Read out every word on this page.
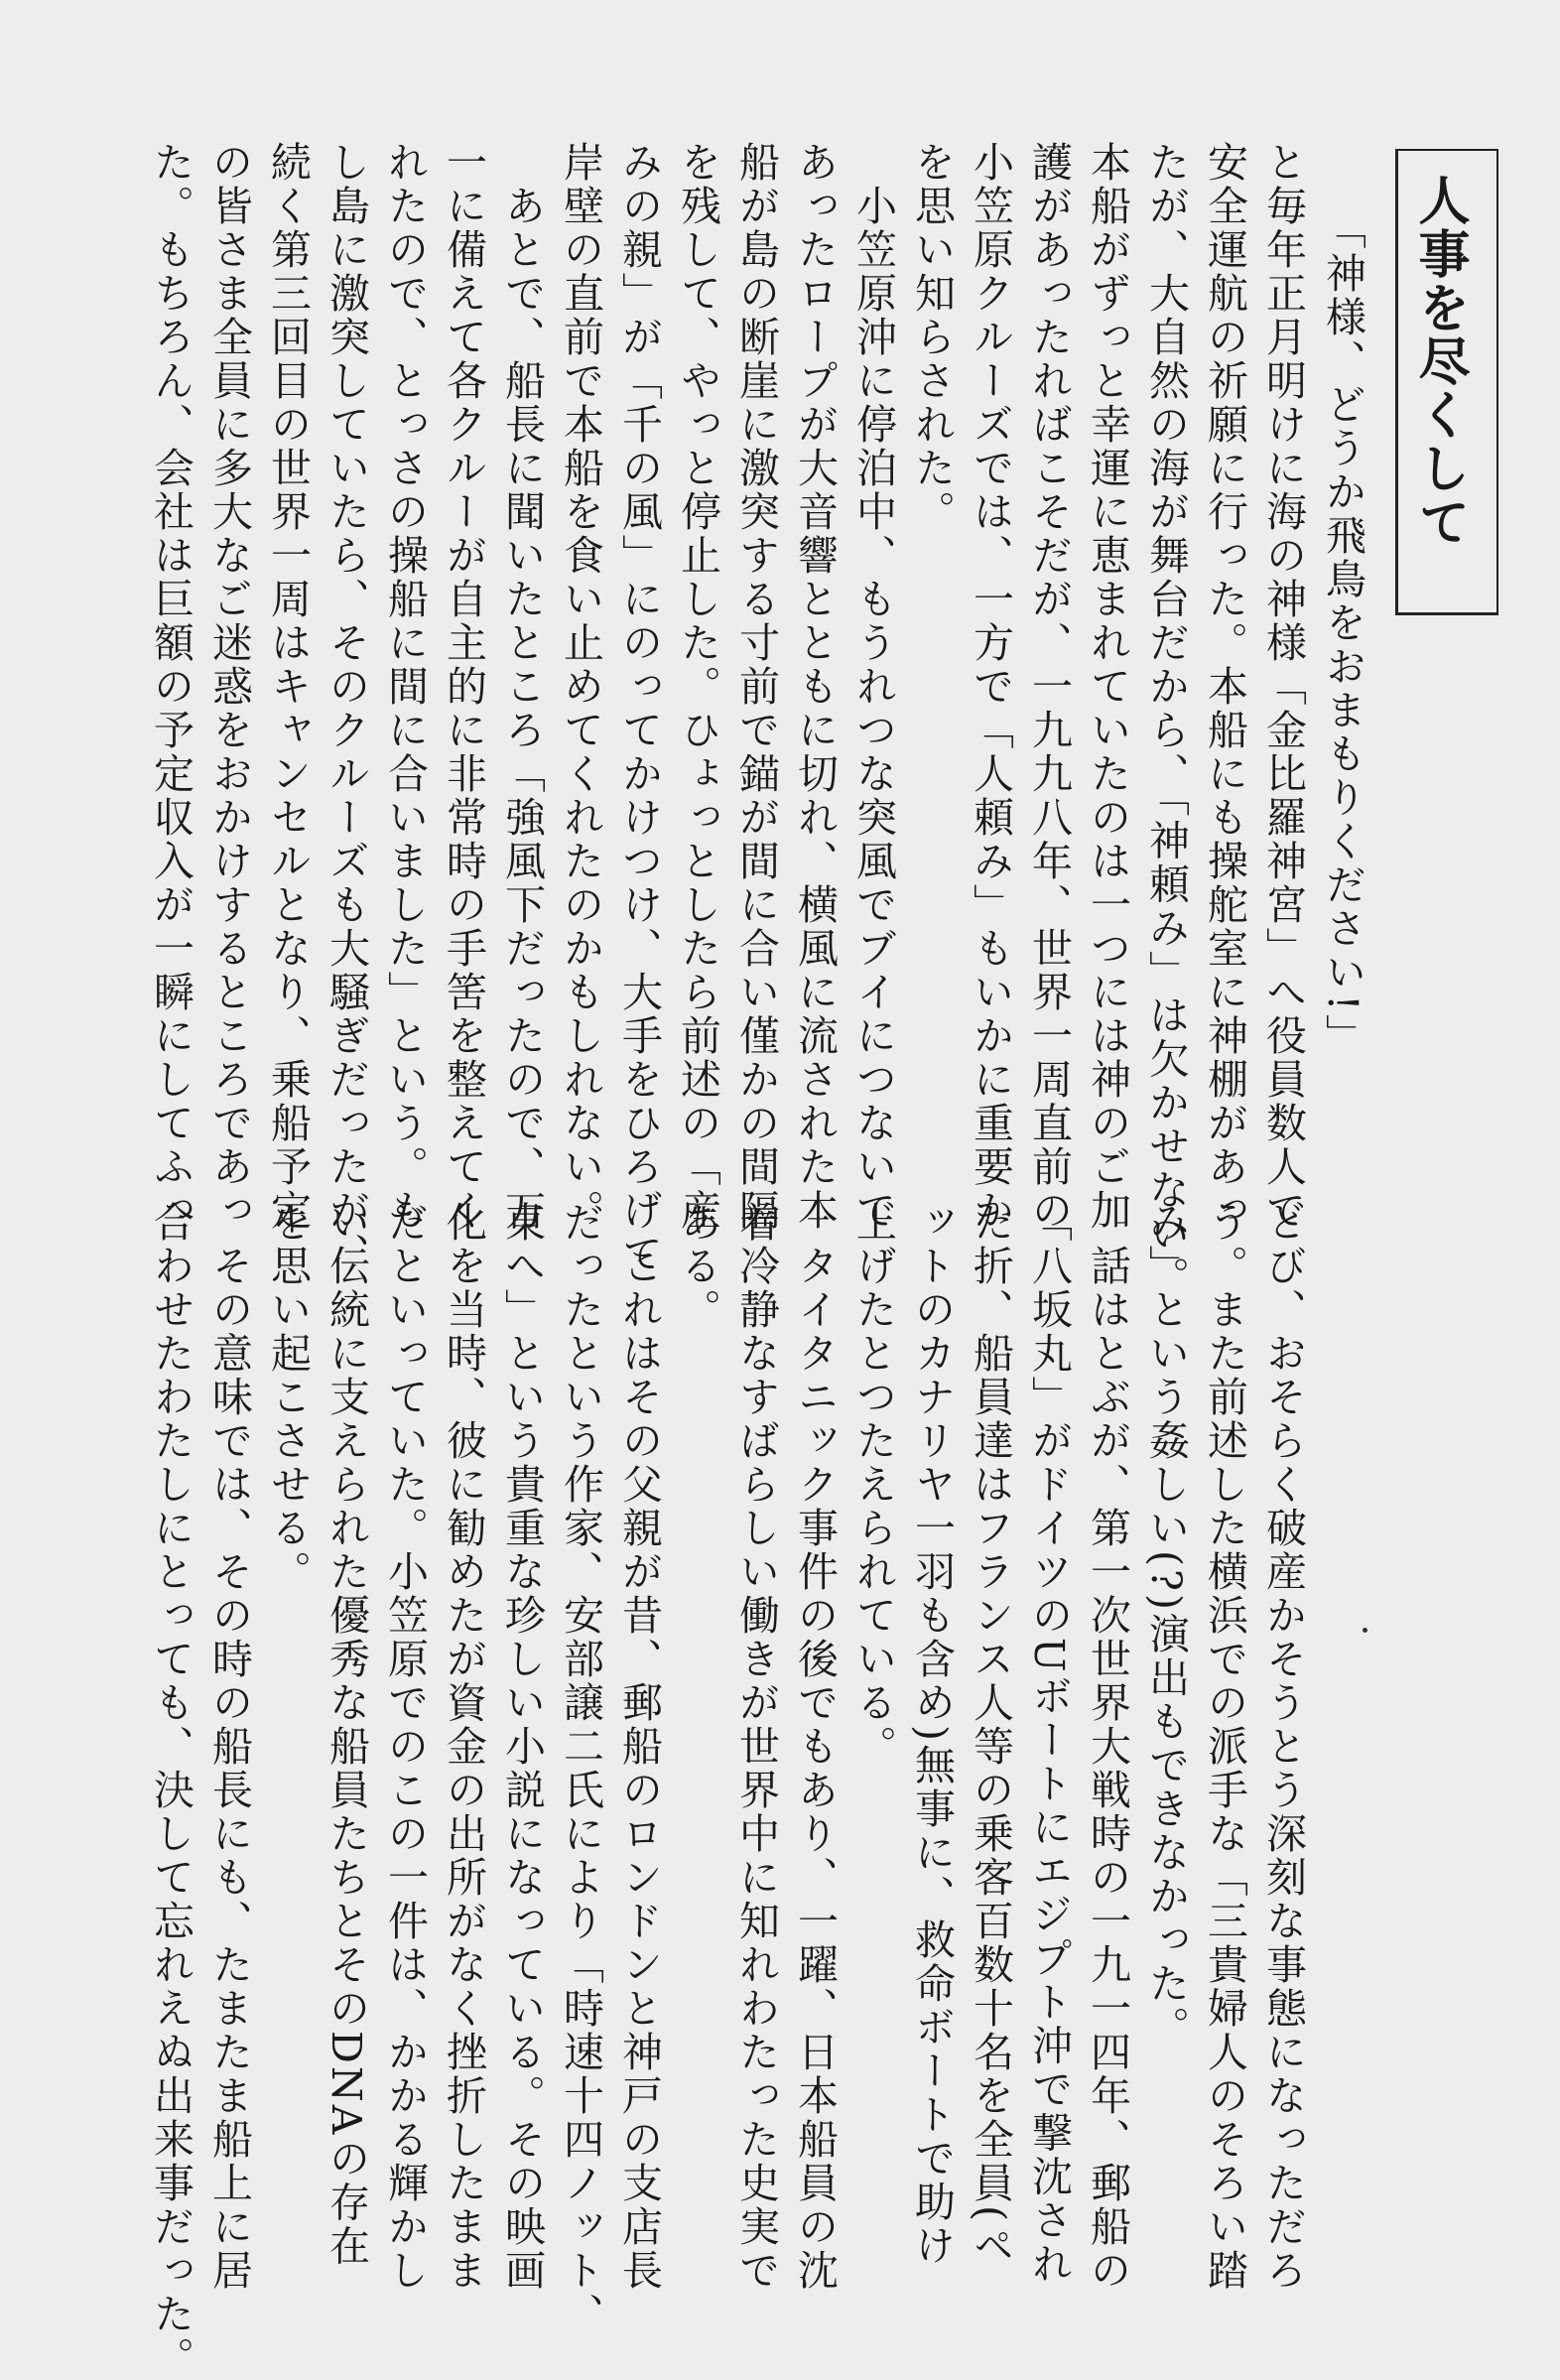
人事を尽くして
「神様、どうか飛鳥をおまもりください!」

と毎年正月明けに海の神様「金比羅神宮」へ役員数人で

安全運航の祈願に行った。本船にも操舵室に神棚があっ

たが、大自然の海が舞台だから、「神頼み」は欠かせない。

本船がずっと幸運に恵まれていたのは一つには神のご加

護があったればこそだが、一九九八年、世界一周直前の

小笠原クルーズでは、一方で「人頼み」もいかに重要か

を思い知らされた。

　小笠原沖に停泊中、もうれつな突風でブイにつないで

あったロープが大音響とともに切れ、横風に流された本

船が島の断崖に激突する寸前で錨が間に合い僅かの間隔

を残して、やっと停止した。ひょっとしたら前述の「産

みの親」が「千の風」にのってかけつけ、大手をひろげて

岸壁の直前で本船を食い止めてくれたのかもしれない。

　あとで、船長に聞いたところ「強風下だったので、万

一に備えて各クルーが自主的に非常時の手筈を整えてく

れたので、とっさの操船に間に合いました」という。も

し島に激突していたら、そのクルーズも大騒ぎだったが、

続く第三回目の世界一周はキャンセルとなり、乗船予定

の皆さま全員に多大なご迷惑をおかけするところであっ

た。もちろん、会社は巨額の予定収入が一瞬にしてふっ

とび、おそらく破産かそうとう深刻な事態になっただろ

う。また前述した横浜での派手な「三貴婦人のそろい踏

み」という姦しい(?)演出もできなかった。

　話はとぶが、第一次世界大戦時の一九一四年、郵船の

「八坂丸」がドイツのUボートにエジプト沖で撃沈され

た折、船員達はフランス人等の乗客百数十名を全員(ペ

ットのカナリヤ一羽も含め)無事に、救命ボートで助け

上げたとつたえられている。

　タイタニック事件の後でもあり、一躍、日本船員の沈

着冷静なすばらしい働きが世界中に知れわたった史実で

ある。

　これはその父親が昔、郵船のロンドンと神戸の支店長

だったという作家、安部譲二氏により「時速十四ノット、

東へ」という貴重な珍しい小説になっている。その映画

化を当時、彼に勧めたが資金の出所がなく挫折したまま

だといっていた。小笠原でのこの一件は、かかる輝かし

い伝統に支えられた優秀な船員たちとそのDNAの存在

を思い起こさせる。

　その意味では、その時の船長にも、たまたま船上に居

合わせたわたしにとっても、決して忘れえぬ出来事だった。
